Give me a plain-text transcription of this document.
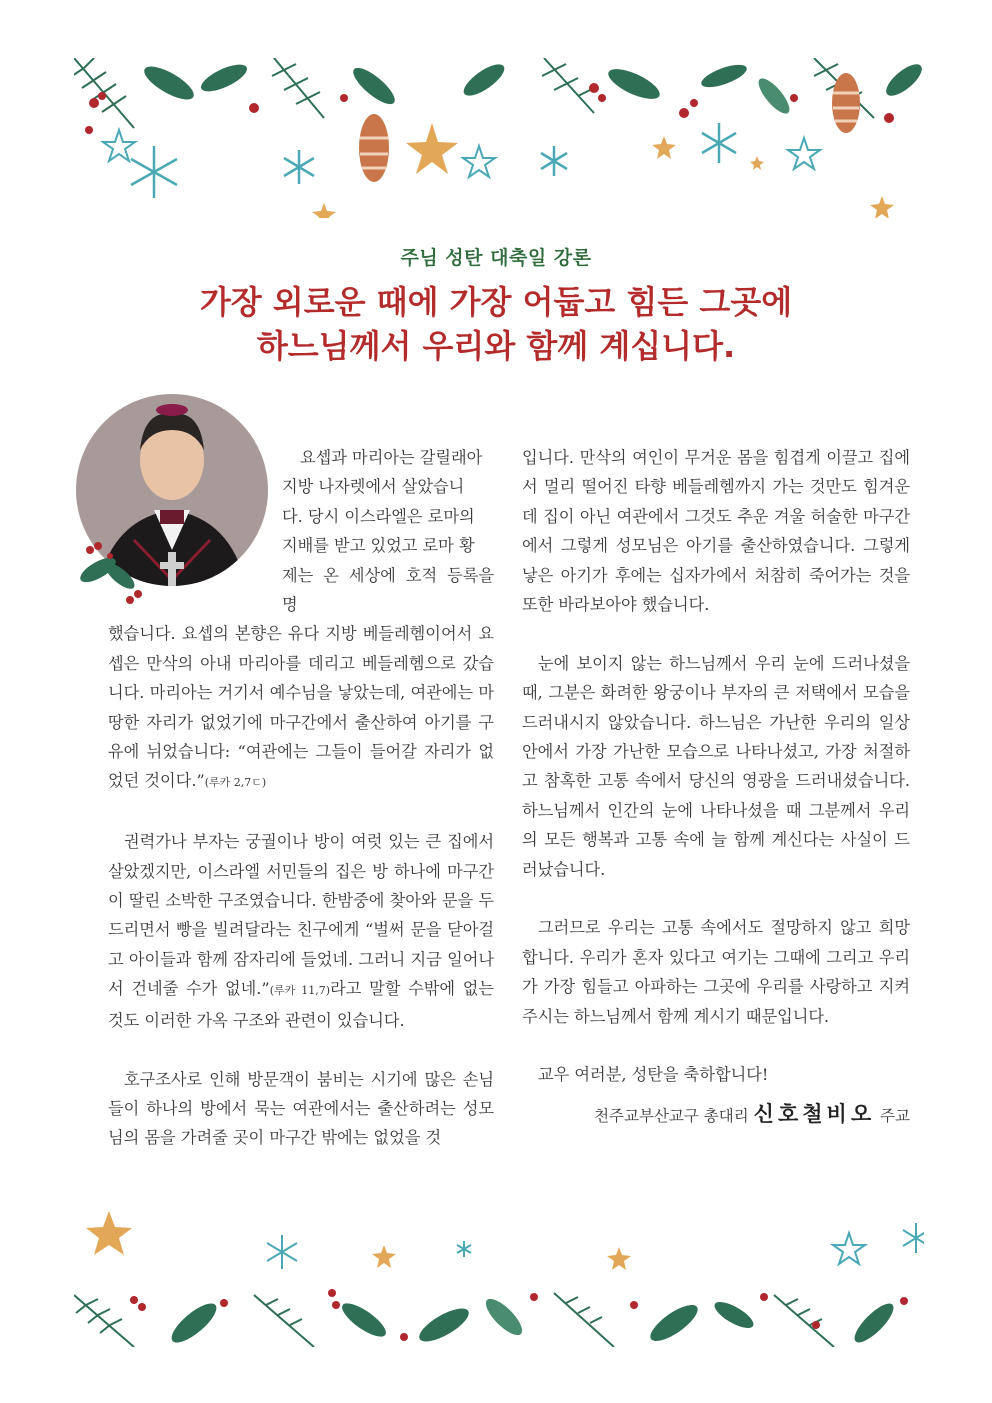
주님 성탄 대축일 강론
가장 외로운 때에 가장 어둡고 힘든 그곳에
하느님께서 우리와 함께 계십니다.
요셉과 마리아는 갈릴래아
지방 나자렛에서 살았습니
다. 당시 이스라엘은 로마의
지배를 받고 있었고 로마 황
제는 온 세상에 호적 등록을 명

했습니다. 요셉의 본향은 유다 지방 베들레헴이어서 요셉은 만삭의 아내 마리아를 데리고 베들레헴으로 갔습니다. 마리아는 거기서 예수님을 낳았는데, 여관에는 마땅한 자리가 없었기에 마구간에서 출산하여 아기를 구유에 뉘었습니다: “여관에는 그들이 들어갈 자리가 없었던 것이다.”(루카 2,7ㄷ)

권력가나 부자는 궁궐이나 방이 여럿 있는 큰 집에서 살았겠지만, 이스라엘 서민들의 집은 방 하나에 마구간이 딸린 소박한 구조였습니다. 한밤중에 찾아와 문을 두드리면서 빵을 빌려달라는 친구에게 “벌써 문을 닫아걸고 아이들과 함께 잠자리에 들었네. 그러니 지금 일어나서 건네줄 수가 없네.”(루카 11,7)라고 말할 수밖에 없는 것도 이러한 가옥 구조와 관련이 있습니다.

호구조사로 인해 방문객이 붐비는 시기에 많은 손님들이 하나의 방에서 묵는 여관에서는 출산하려는 성모님의 몸을 가려줄 곳이 마구간 밖에는 없었을 것

입니다. 만삭의 여인이 무거운 몸을 힘겹게 이끌고 집에서 멀리 떨어진 타향 베들레헴까지 가는 것만도 힘겨운데 집이 아닌 여관에서 그것도 추운 겨울 허술한 마구간에서 그렇게 성모님은 아기를 출산하였습니다. 그렇게 낳은 아기가 후에는 십자가에서 처참히 죽어가는 것을 또한 바라보아야 했습니다.

눈에 보이지 않는 하느님께서 우리 눈에 드러나셨을 때, 그분은 화려한 왕궁이나 부자의 큰 저택에서 모습을 드러내시지 않았습니다. 하느님은 가난한 우리의 일상 안에서 가장 가난한 모습으로 나타나셨고, 가장 처절하고 참혹한 고통 속에서 당신의 영광을 드러내셨습니다. 하느님께서 인간의 눈에 나타나셨을 때 그분께서 우리의 모든 행복과 고통 속에 늘 함께 계신다는 사실이 드러났습니다.

그러므로 우리는 고통 속에서도 절망하지 않고 희망합니다. 우리가 혼자 있다고 여기는 그때에 그리고 우리가 가장 힘들고 아파하는 그곳에 우리를 사랑하고 지켜주시는 하느님께서 함께 계시기 때문입니다.

교우 여러분, 성탄을 축하합니다!

천주교부산교구 총대리 신호철비오 주교
